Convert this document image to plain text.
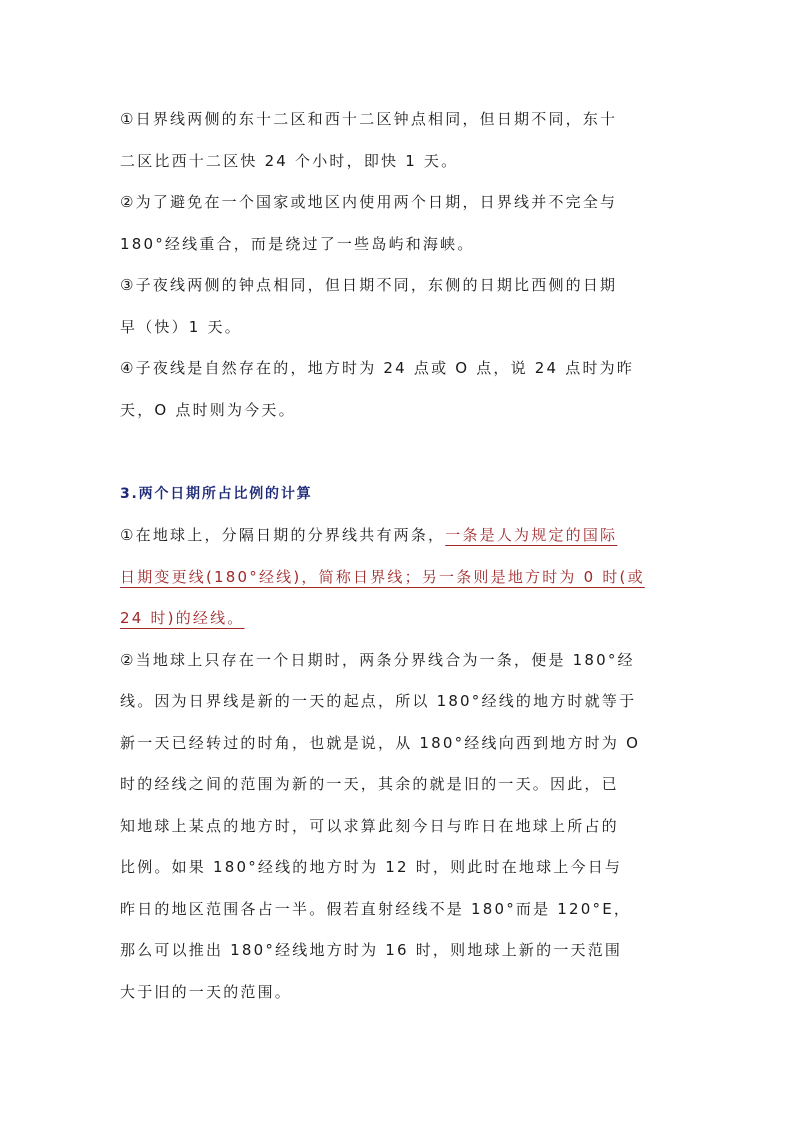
①日界线两侧的东十二区和西十二区钟点相同，但日期不同，东十
二区比西十二区快 24 个小时，即快 1 天。
②为了避免在一个国家或地区内使用两个日期，日界线并不完全与
180°经线重合，而是绕过了一些岛屿和海峡。
③子夜线两侧的钟点相同，但日期不同，东侧的日期比西侧的日期
早（快）1 天。
④子夜线是自然存在的，地方时为 24 点或 O 点，说 24 点时为昨
天，O 点时则为今天。
3.两个日期所占比例的计算
①在地球上，分隔日期的分界线共有两条，一条是人为规定的国际
日期变更线(180°经线)，简称日界线；另一条则是地方时为 0 时(或
24 时)的经线。
②当地球上只存在一个日期时，两条分界线合为一条，便是 180°经
线。因为日界线是新的一天的起点，所以 180°经线的地方时就等于
新一天已经转过的时角，也就是说，从 180°经线向西到地方时为 O
时的经线之间的范围为新的一天，其余的就是旧的一天。因此，已
知地球上某点的地方时，可以求算此刻今日与昨日在地球上所占的
比例。如果 180°经线的地方时为 12 时，则此时在地球上今日与
昨日的地区范围各占一半。假若直射经线不是 180°而是 120°E，
那么可以推出 180°经线地方时为 16 时，则地球上新的一天范围
大于旧的一天的范围。
